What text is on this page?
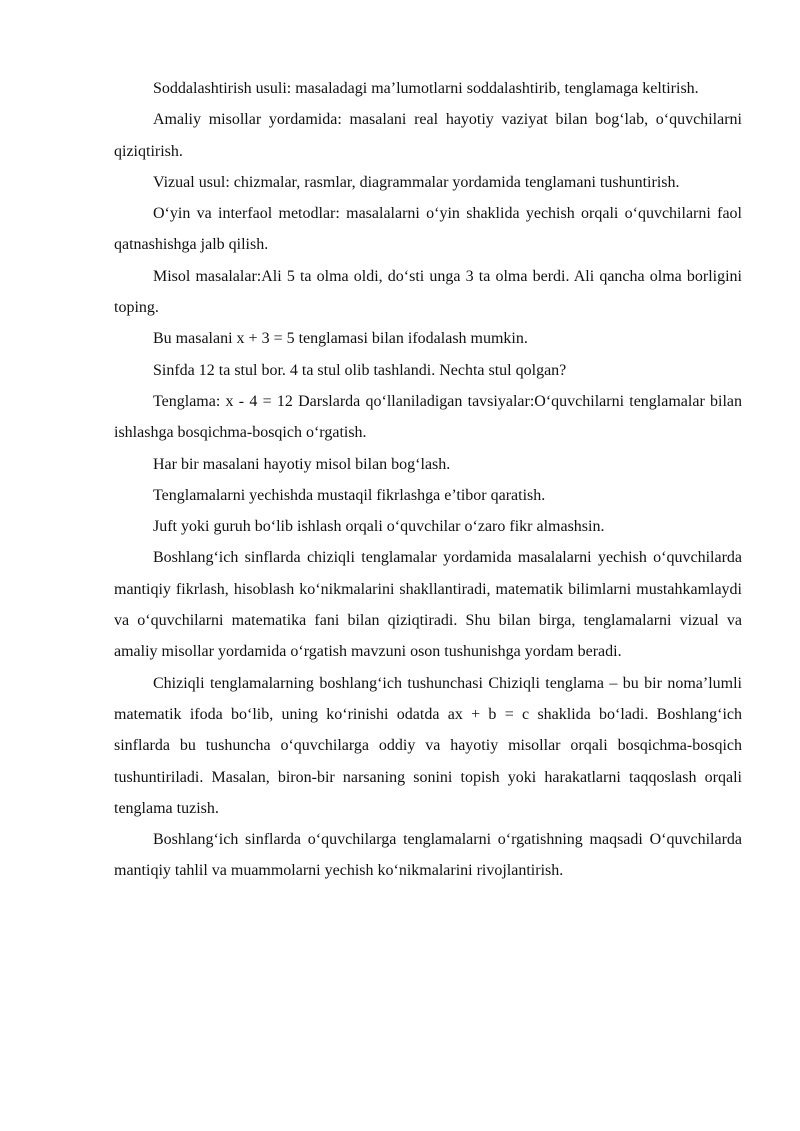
Soddalashtirish usuli: masaladagi ma’lumotlarni soddalashtirib, tenglamaga keltirish.

Amaliy misollar yordamida: masalani real hayotiy vaziyat bilan bog‘lab, o‘quvchilarni qiziqtirish.

Vizual usul: chizmalar, rasmlar, diagrammalar yordamida tenglamani tushuntirish.

O‘yin va interfaol metodlar: masalalarni o‘yin shaklida yechish orqali o‘quvchilarni faol qatnashishga jalb qilish.

Misol masalalar:Ali 5 ta olma oldi, do‘sti unga 3 ta olma berdi. Ali qancha olma borligini toping.

Bu masalani x + 3 = 5 tenglamasi bilan ifodalash mumkin.

Sinfda 12 ta stul bor. 4 ta stul olib tashlandi. Nechta stul qolgan?

Tenglama: x - 4 = 12 Darslarda qo‘llaniladigan tavsiyalar:O‘quvchilarni tenglamalar bilan ishlashga bosqichma-bosqich o‘rgatish.

Har bir masalani hayotiy misol bilan bog‘lash.

Tenglamalarni yechishda mustaqil fikrlashga e’tibor qaratish.

Juft yoki guruh bo‘lib ishlash orqali o‘quvchilar o‘zaro fikr almashsin.

Boshlang‘ich sinflarda chiziqli tenglamalar yordamida masalalarni yechish o‘quvchilarda mantiqiy fikrlash, hisoblash ko‘nikmalarini shakllantiradi, matematik bilimlarni mustahkamlaydi va o‘quvchilarni matematika fani bilan qiziqtiradi. Shu bilan birga, tenglamalarni vizual va amaliy misollar yordamida o‘rgatish mavzuni oson tushunishga yordam beradi.

Chiziqli tenglamalarning boshlang‘ich tushunchasi Chiziqli tenglama – bu bir noma’lumli matematik ifoda bo‘lib, uning ko‘rinishi odatda ax + b = c shaklida bo‘ladi. Boshlang‘ich sinflarda bu tushuncha o‘quvchilarga oddiy va hayotiy misollar orqali bosqichma-bosqich tushuntiriladi. Masalan, biron-bir narsaning sonini topish yoki harakatlarni taqqoslash orqali tenglama tuzish.

Boshlang‘ich sinflarda o‘quvchilarga tenglamalarni o‘rgatishning maqsadi O‘quvchilarda mantiqiy tahlil va muammolarni yechish ko‘nikmalarini rivojlantirish.
